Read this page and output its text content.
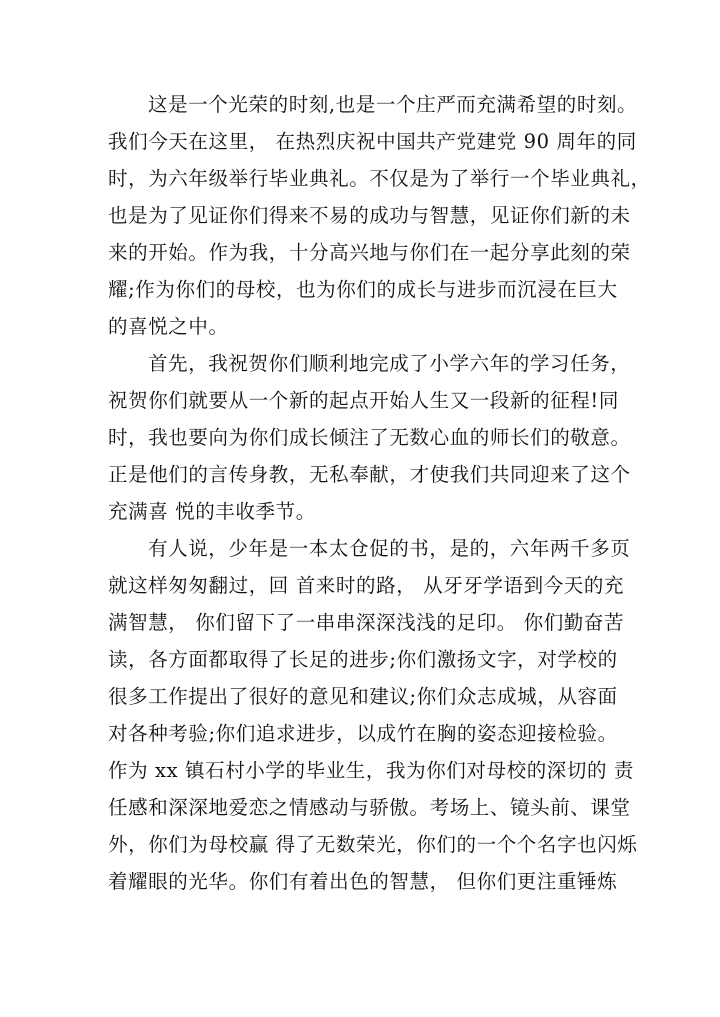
这是一个光荣的时刻,也是一个庄严而充满希望的时刻。
我们今天在这里， 在热烈庆祝中国共产党建党 90 周年的同
时，为六年级举行毕业典礼。不仅是为了举行一个毕业典礼，
也是为了见证你们得来不易的成功与智慧，见证你们新的未
来的开始。作为我，十分高兴地与你们在一起分享此刻的荣
耀;作为你们的母校，也为你们的成长与进步而沉浸在巨大
的喜悦之中。

首先，我祝贺你们顺利地完成了小学六年的学习任务，
祝贺你们就要从一个新的起点开始人生又一段新的征程!同
时，我也要向为你们成长倾注了无数心血的师长们的敬意。
正是他们的言传身教，无私奉献，才使我们共同迎来了这个
充满喜 悦的丰收季节。

有人说，少年是一本太仓促的书，是的，六年两千多页
就这样匆匆翻过，回 首来时的路， 从牙牙学语到今天的充
满智慧， 你们留下了一串串深深浅浅的足印。 你们勤奋苦
读，各方面都取得了长足的进步;你们激扬文字，对学校的
很多工作提出了很好的意见和建议;你们众志成城，从容面
对各种考验;你们追求进步，以成竹在胸的姿态迎接检验。
作为 xx 镇石村小学的毕业生，我为你们对母校的深切的 责
任感和深深地爱恋之情感动与骄傲。考场上、镜头前、课堂
外，你们为母校赢 得了无数荣光，你们的一个个名字也闪烁
着耀眼的光华。你们有着出色的智慧， 但你们更注重锤炼
